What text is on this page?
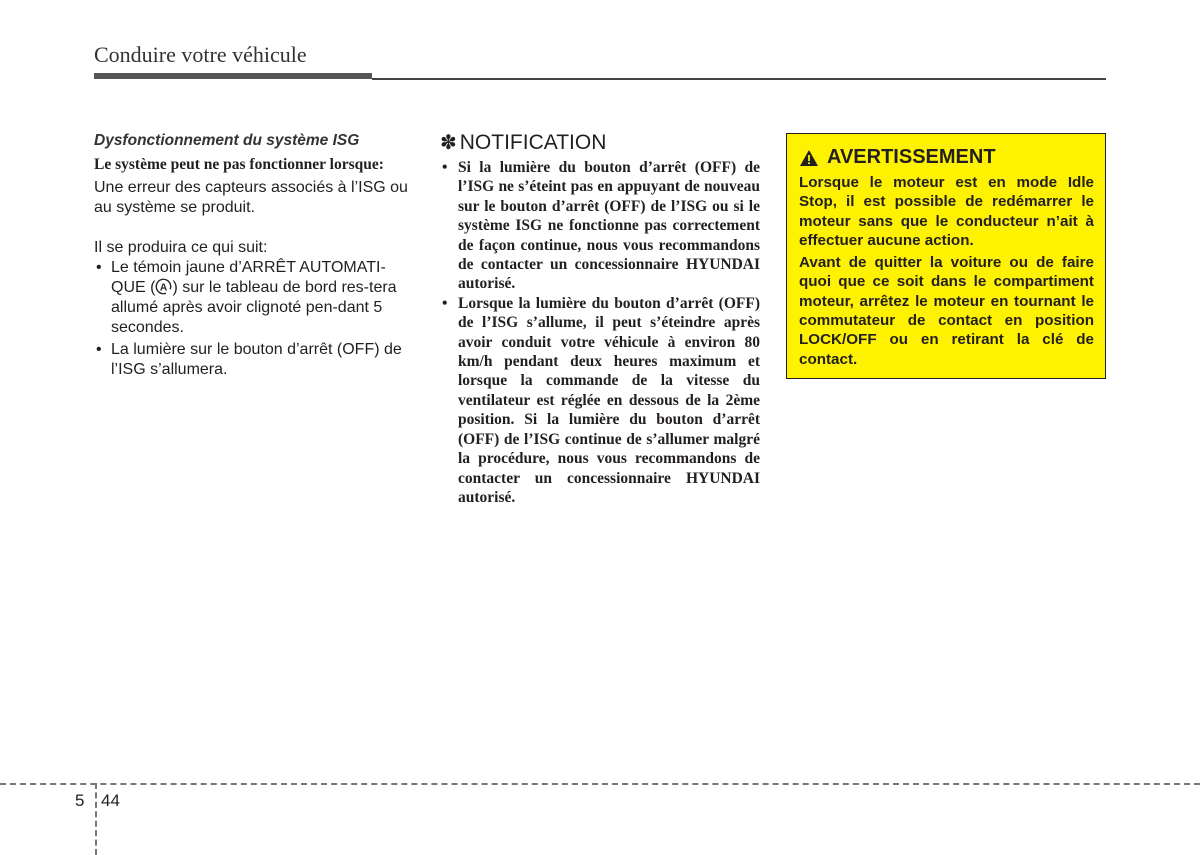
Conduire votre véhicule
Dysfonctionnement du système ISG
Le système peut ne pas fonctionner lorsque:
Une erreur des capteurs associés à l’ISG ou au système se produit.
Il se produira ce qui suit:
• Le témoin jaune d’ARRÊT AUTOMATI-QUE ( A ) sur le tableau de bord res-tera allumé après avoir clignoté pen-dant 5 secondes.
• La lumière sur le bouton d’arrêt (OFF) de l’ISG s’allumera.
✽ NOTIFICATION
• Si la lumière du bouton d’arrêt (OFF) de l’ISG ne s’éteint pas en appuyant de nouveau sur le bouton d’arrêt (OFF) de l’ISG ou si le système ISG ne fonctionne pas correctement de façon continue, nous vous recommandons de contacter un concessionnaire HYUNDAI autorisé.
• Lorsque la lumière du bouton d’arrêt (OFF) de l’ISG s’allume, il peut s’éteindre après avoir conduit votre véhicule à environ 80 km/h pendant deux heures maximum et lorsque la commande de la vitesse du ventilateur est réglée en dessous de la 2ème position. Si la lumière du bouton d’arrêt (OFF) de l’ISG continue de s’allumer malgré la procédure, nous vous recommandons de contacter un concessionnaire HYUNDAI autorisé.
AVERTISSEMENT
Lorsque le moteur est en mode Idle Stop, il est possible de redémarrer le moteur sans que le conducteur n’ait à effectuer aucune action.
Avant de quitter la voiture ou de faire quoi que ce soit dans le compartiment moteur, arrêtez le moteur en tournant le commutateur de contact en position LOCK/OFF ou en retirant la clé de contact.
5 44
